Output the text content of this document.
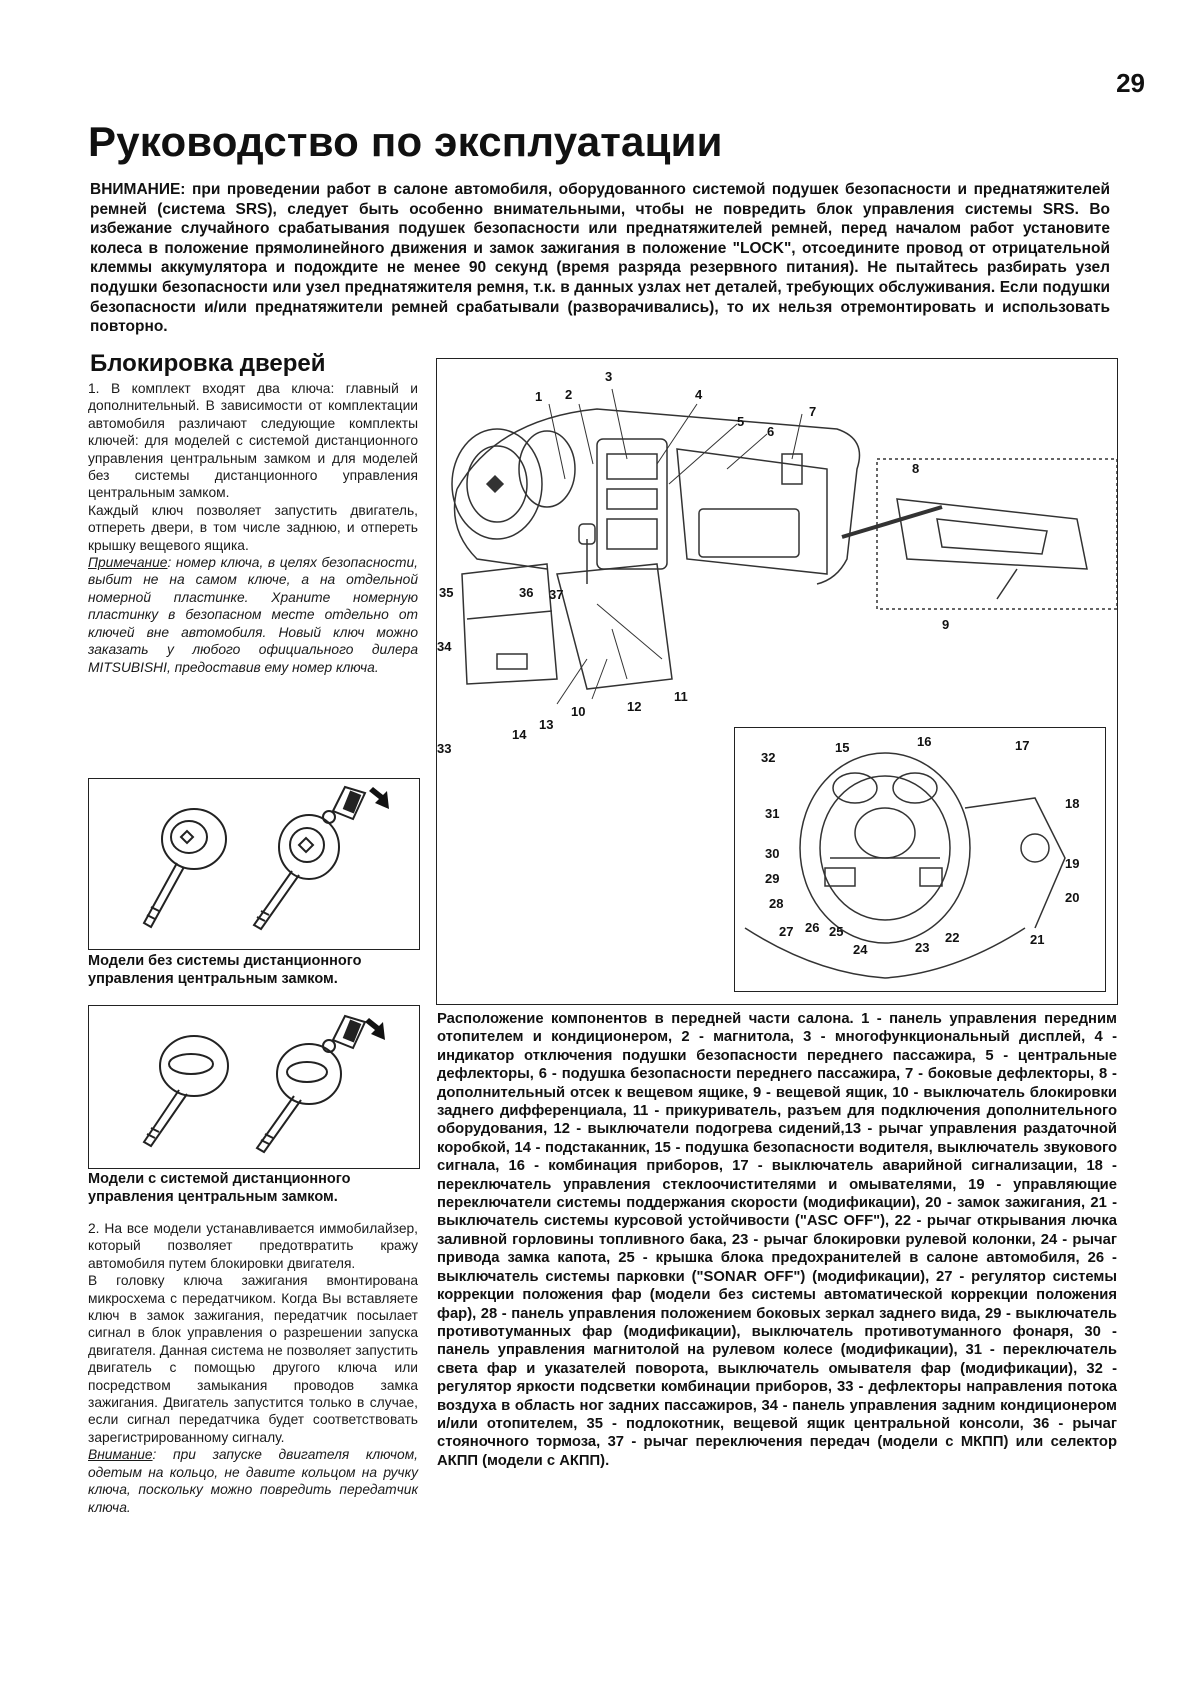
29
Руководство по эксплуатации
ВНИМАНИЕ: при проведении работ в салоне автомобиля, оборудованного системой подушек безопасности и преднатяжителей ремней (система SRS), следует быть особенно внимательными, чтобы не повредить блок управления системы SRS. Во избежание случайного срабатывания подушек безопасности или преднатяжителей ремней, перед началом работ установите колеса в положение прямолинейного движения и замок зажигания в положение "LOCK", отсоедините провод от отрицательной клеммы аккумулятора и подождите не менее 90 секунд (время разряда резервного питания). Не пытайтесь разбирать узел подушки безопасности или узел преднатяжителя ремня, т.к. в данных узлах нет деталей, требующих обслуживания. Если подушки безопасности и/или преднатяжители ремней срабатывали (разворачивались), то их нельзя отремонтировать и использовать повторно.
Блокировка дверей

1. В комплект входят два ключа: главный и дополнительный. В зависимости от комплектации автомобиля различают следующие комплекты ключей: для моделей с системой дистанционного управления центральным замком и для моделей без системы дистанционного управления центральным замком.

Каждый ключ позволяет запустить двигатель, отпереть двери, в том числе заднюю, и отпереть крышку вещевого ящика.

Примечание: номер ключа, в целях безопасности, выбит не на самом ключе, а на отдельной номерной пластинке. Храните номерную пластинку в безопасном месте отдельно от ключей вне автомобиля. Новый ключ можно заказать у любого официального дилера MITSUBISHI, предоставив ему номер ключа.

Модели без системы дистанционного управления центральным замком.
Модели с системой дистанционного управления центральным замком.

2. На все модели устанавливается иммобилайзер, который позволяет предотвратить кражу автомобиля путем блокировки двигателя.

В головку ключа зажигания вмонтирована микросхема с передатчиком. Когда Вы вставляете ключ в замок зажигания, передатчик посылает сигнал в блок управления о разрешении запуска двигателя. Данная система не позволяет запустить двигатель с помощью другого ключа или посредством замыкания проводов замка зажигания. Двигатель запустится только в случае, если сигнал передатчика будет соответствовать зарегистрированному сигналу.

Внимание: при запуске двигателя ключом, одетым на кольцо, не давите кольцом на ручку ключа, поскольку можно повредить передатчик ключа.

1 2
3
4
5
6
7
8
9
10
11
12
13
14
33
34
35	36 37
32
15	16	17
18
19
20
21
22
23
24
25
26
27
28
29
30
31
Расположение компонентов в передней части салона. 1 - панель управления передним отопителем и кондиционером, 2 - магнитола, 3 - многофункциональный дисплей, 4 - индикатор отключения подушки безопасности переднего пассажира, 5 - центральные дефлекторы, 6 - подушка безопасности переднего пассажира, 7 - боковые дефлекторы, 8 - дополнительный отсек к вещевом ящике, 9 - вещевой ящик, 10 - выключатель блокировки заднего дифференциала, 11 - прикуриватель, разъем для подключения дополнительного оборудования, 12 - выключатели подогрева сидений,13 - рычаг управления раздаточной коробкой, 14 - подстаканник, 15 - подушка безопасности водителя, выключатель звукового сигнала, 16 - комбинация приборов, 17 - выключатель аварийной сигнализации, 18 - переключатель управления стеклоочистителями и омывателями, 19 - управляющие переключатели системы поддержания скорости (модификации), 20 - замок зажигания, 21 - выключатель системы курсовой устойчивости ("ASC OFF"), 22 - рычаг открывания лючка заливной горловины топливного бака, 23 - рычаг блокировки рулевой колонки, 24 - рычаг привода замка капота, 25 - крышка блока предохранителей в салоне автомобиля, 26 - выключатель системы парковки ("SONAR OFF") (модификации), 27 - регулятор системы коррекции положения фар (модели без системы автоматической коррекции положения фар), 28 - панель управления положением боковых зеркал заднего вида, 29 - выключатель противотуманных фар (модификации), выключатель противотуманного фонаря, 30 - панель управления магнитолой на рулевом колесе (модификации), 31 - переключатель света фар и указателей поворота, выключатель омывателя фар (модификации), 32 - регулятор яркости подсветки комбинации приборов, 33 - дефлекторы направления потока воздуха в область ног задних пассажиров, 34 - панель управления задним кондиционером и/или отопителем, 35 - подлокотник, вещевой ящик центральной консоли, 36 - рычаг стояночного тормоза, 37 - рычаг переключения передач (модели с МКПП) или селектор АКПП (модели с АКПП).
